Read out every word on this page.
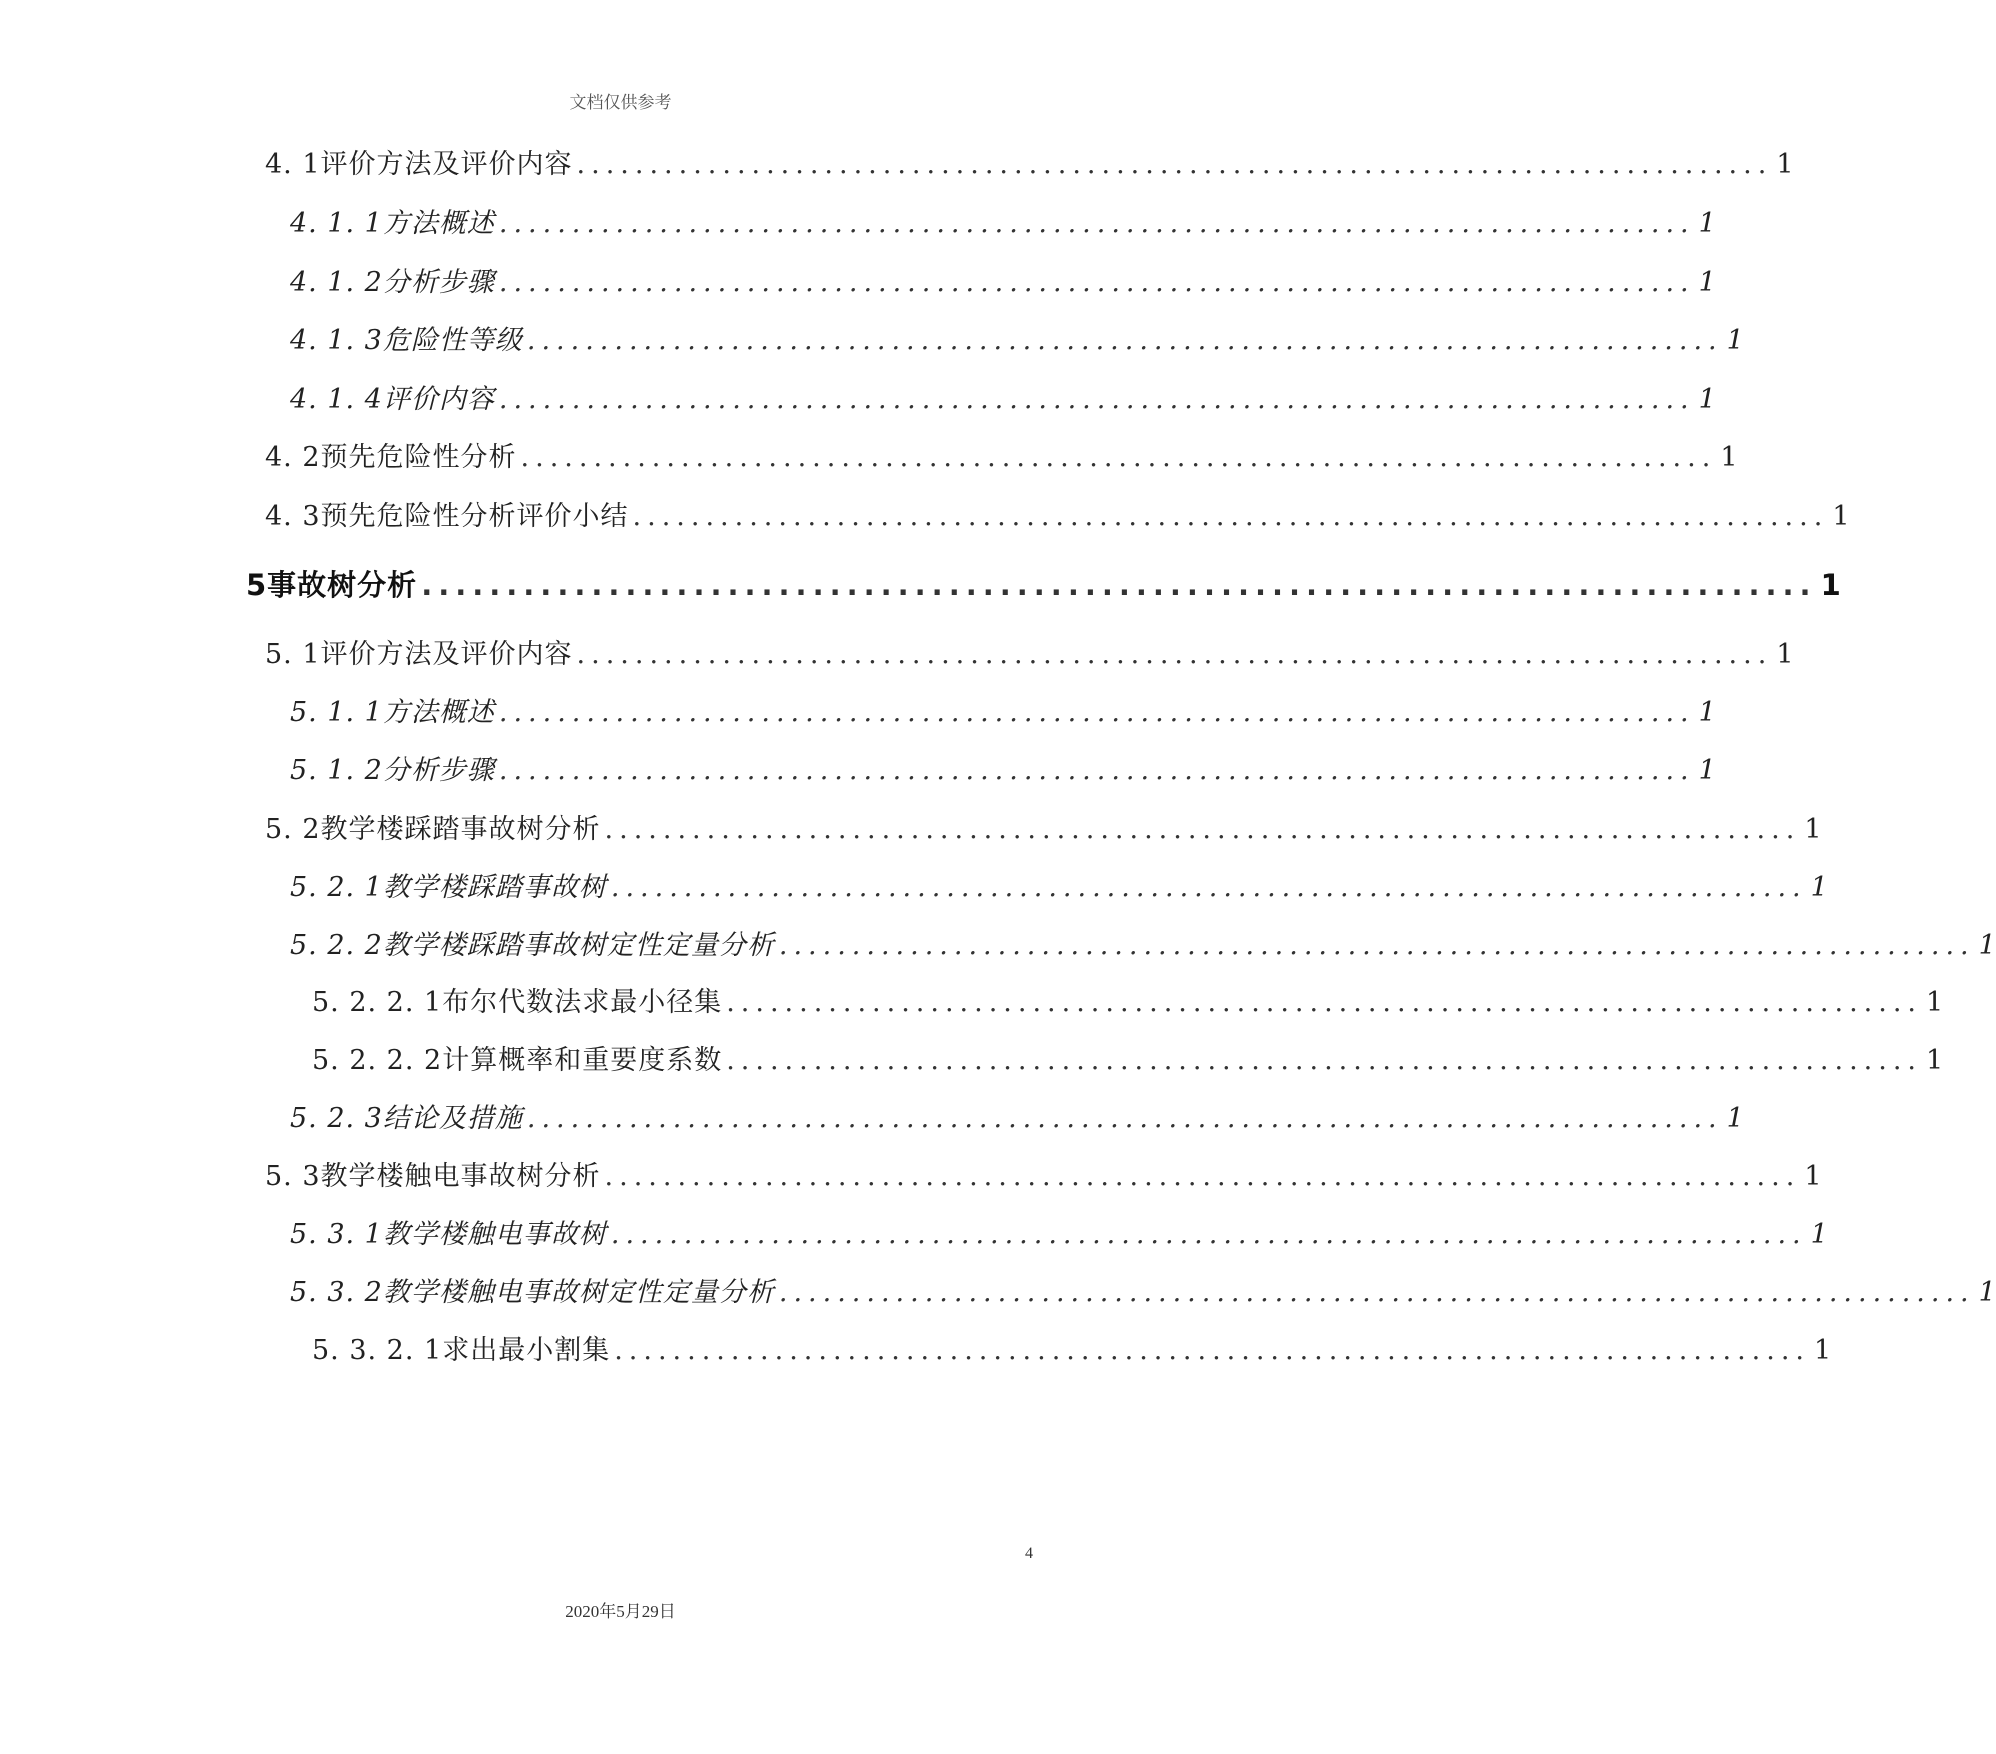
文档仅供参考
4. 1评价方法及评价内容 .................................................................................. 1
4. 1. 1方法概述 .................................................................................. 1
4. 1. 2分析步骤 .................................................................................. 1
4. 1. 3危险性等级 .................................................................................. 1
4. 1. 4评价内容 .................................................................................. 1
4. 2预先危险性分析 .................................................................................. 1
4. 3预先危险性分析评价小结 .................................................................................. 1
5事故树分析 .................................................................................. 1
5. 1评价方法及评价内容 .................................................................................. 1
5. 1. 1方法概述 .................................................................................. 1
5. 1. 2分析步骤 .................................................................................. 1
5. 2教学楼踩踏事故树分析 .................................................................................. 1
5. 2. 1教学楼踩踏事故树 .................................................................................. 1
5. 2. 2教学楼踩踏事故树定性定量分析 .................................................................................. 1
5. 2. 2. 1布尔代数法求最小径集 .................................................................................. 1
5. 2. 2. 2计算概率和重要度系数 .................................................................................. 1
5. 2. 3结论及措施 .................................................................................. 1
5. 3教学楼触电事故树分析 .................................................................................. 1
5. 3. 1教学楼触电事故树 .................................................................................. 1
5. 3. 2教学楼触电事故树定性定量分析 .................................................................................. 1
5. 3. 2. 1求出最小割集 .................................................................................. 1
4
2020年5月29日
